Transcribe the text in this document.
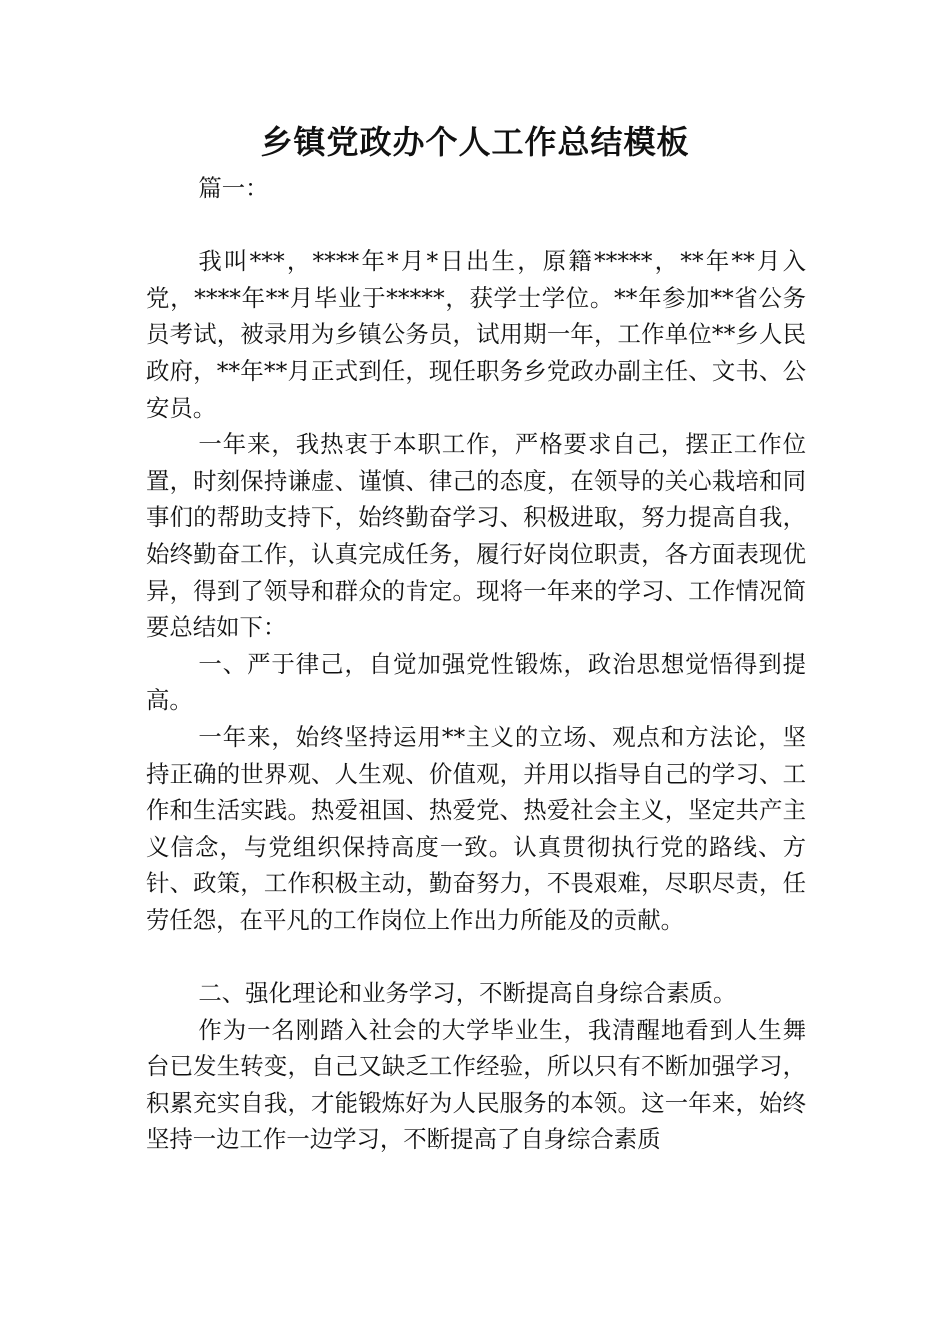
乡镇党政办个人工作总结模板

篇一：

我叫***，****年*月*日出生，原籍*****，**年**月入党，****年**月毕业于*****，获学士学位。**年参加**省公务员考试，被录用为乡镇公务员，试用期一年，工作单位**乡人民政府，**年**月正式到任，现任职务乡党政办副主任、文书、公安员。

一年来，我热衷于本职工作，严格要求自己，摆正工作位置，时刻保持谦虚、谨慎、律己的态度，在领导的关心栽培和同事们的帮助支持下，始终勤奋学习、积极进取，努力提高自我，始终勤奋工作，认真完成任务，履行好岗位职责，各方面表现优异，得到了领导和群众的肯定。现将一年来的学习、工作情况简要总结如下：

一、严于律己，自觉加强党性锻炼，政治思想觉悟得到提高。

一年来，始终坚持运用**主义的立场、观点和方法论，坚持正确的世界观、人生观、价值观，并用以指导自己的学习、工作和生活实践。热爱祖国、热爱党、热爱社会主义，坚定共产主义信念，与党组织保持高度一致。认真贯彻执行党的路线、方针、政策，工作积极主动，勤奋努力，不畏艰难，尽职尽责，任劳任怨，在平凡的工作岗位上作出力所能及的贡献。

二、强化理论和业务学习，不断提高自身综合素质。

作为一名刚踏入社会的大学毕业生，我清醒地看到人生舞台已发生转变，自己又缺乏工作经验，所以只有不断加强学习，积累充实自我，才能锻炼好为人民服务的本领。这一年来，始终坚持一边工作一边学习，不断提高了自身综合素质
